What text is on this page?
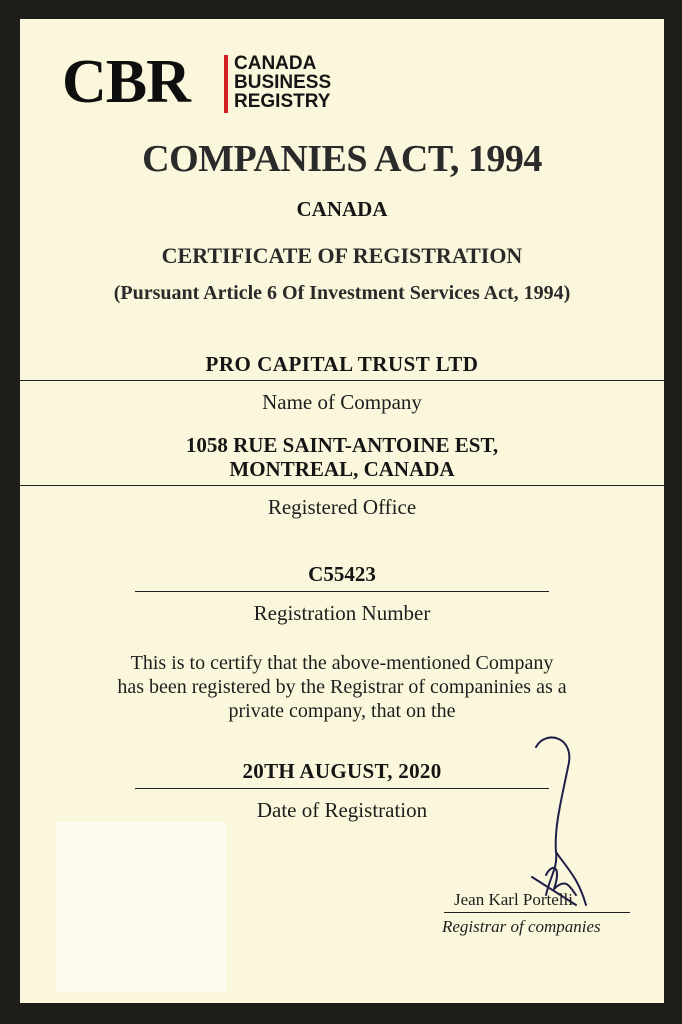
CBR CANADA
BUSINESS
REGISTRY
COMPANIES ACT, 1994
CANADA
CERTIFICATE OF REGISTRATION
(Pursuant Article 6 Of Investment Services Act, 1994)
PRO CAPITAL TRUST LTD
Name of Company
1058 RUE SAINT-ANTOINE EST,
MONTREAL, CANADA
Registered Office
C55423
Registration Number
This is to certify that the above-mentioned Company
has been registered by the Registrar of companinies as a
private company, that on the
20TH AUGUST, 2020
Date of Registration
Jean Karl Portelli
Registrar of companies
